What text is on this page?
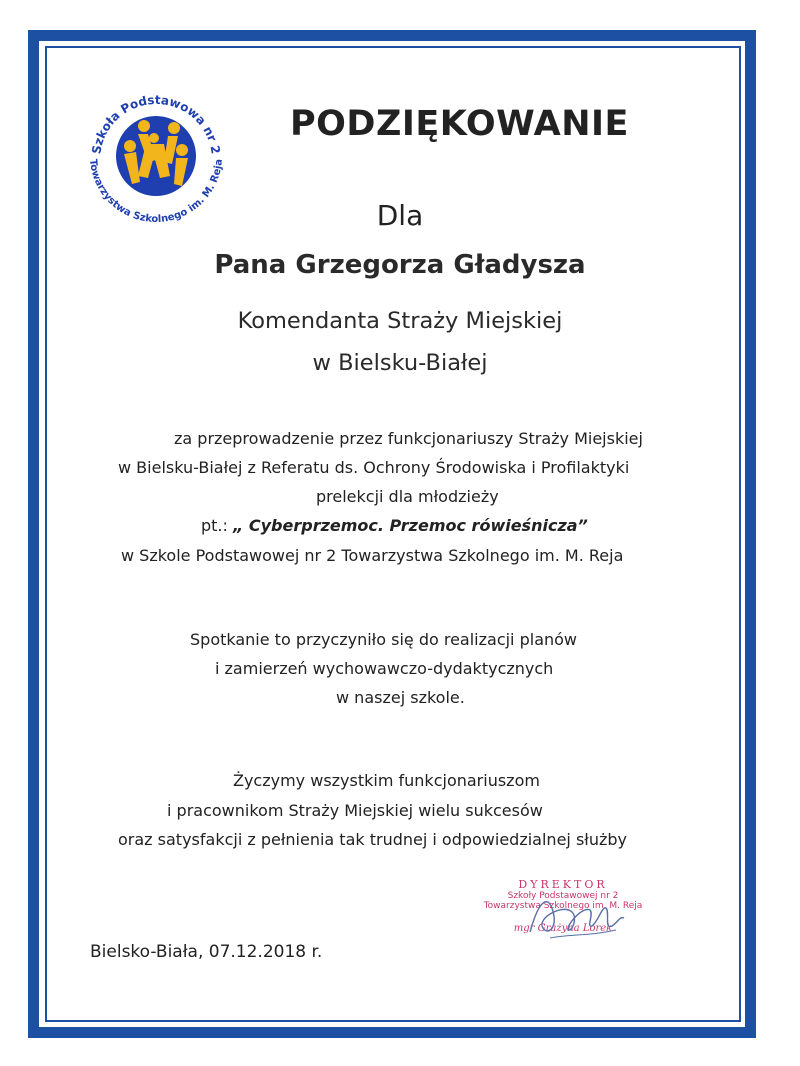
Szkoła Podstawowa nr 2
Towarzystwa Szkolnego im. M. Reja
PODZIĘKOWANIE
Dla
Pana Grzegorza Gładysza
Komendanta Straży Miejskiej
w Bielsku-Białej
za przeprowadzenie przez funkcjonariuszy Straży Miejskiej
w Bielsku-Białej z Referatu ds. Ochrony Środowiska i Profilaktyki
prelekcji dla młodzieży
pt.: „ Cyberprzemoc. Przemoc rówieśnicza”
w Szkole Podstawowej nr 2 Towarzystwa Szkolnego im. M. Reja
Spotkanie to przyczyniło się do realizacji planów
i zamierzeń wychowawczo-dydaktycznych
w naszej szkole.
Życzymy wszystkim funkcjonariuszom
i pracownikom Straży Miejskiej wielu sukcesów
oraz satysfakcji z pełnienia tak trudnej i odpowiedzialnej służby
DYREKTOR
Szkoły Podstawowej nr 2
Towarzystwa Szkolnego im. M. Reja
mgr Grażyna Lorek
Bielsko-Biała, 07.12.2018 r.
